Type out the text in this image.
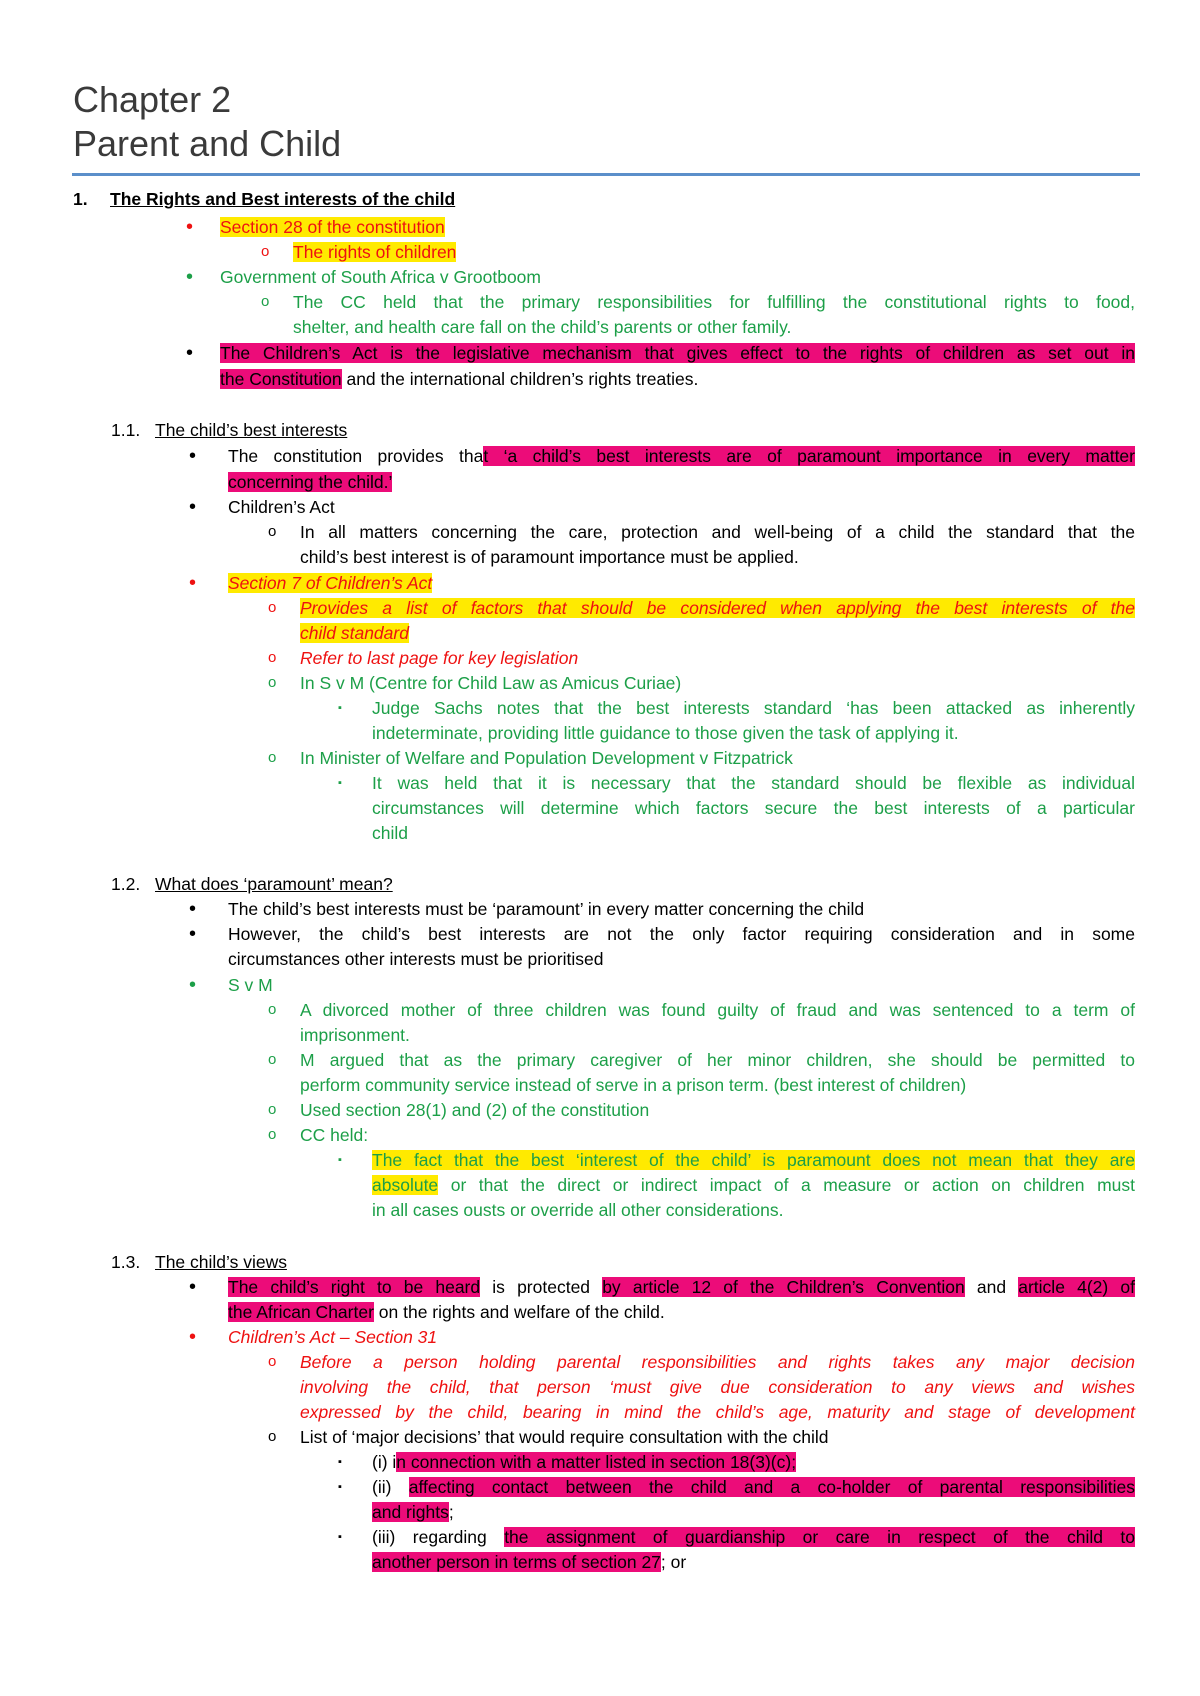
Chapter 2
Parent and Child
1. The Rights and Best interests of the child
• Section 28 of the constitution
o The rights of children
• Government of South Africa v Grootboom
o The CC held that the primary responsibilities for fulfilling the constitutional rights to food,
shelter, and health care fall on the child’s parents or other family.
• The Children’s Act is the legislative mechanism that gives effect to the rights of children as set out in
the Constitution and the international children’s rights treaties.
1.1. The child’s best interests
• The constitution provides that ‘a child’s best interests are of paramount importance in every matter
concerning the child.’
• Children’s Act
o In all matters concerning the care, protection and well-being of a child the standard that the
child’s best interest is of paramount importance must be applied.
• Section 7 of Children’s Act
o Provides a list of factors that should be considered when applying the best interests of the
child standard
o Refer to last page for key legislation
o In S v M (Centre for Child Law as Amicus Curiae)
▪ Judge Sachs notes that the best interests standard ‘has been attacked as inherently
indeterminate, providing little guidance to those given the task of applying it.
o In Minister of Welfare and Population Development v Fitzpatrick
▪ It was held that it is necessary that the standard should be flexible as individual
circumstances will determine which factors secure the best interests of a particular
child
1.2. What does ‘paramount’ mean?
• The child’s best interests must be ‘paramount’ in every matter concerning the child
• However, the child’s best interests are not the only factor requiring consideration and in some
circumstances other interests must be prioritised
• S v M
o A divorced mother of three children was found guilty of fraud and was sentenced to a term of
imprisonment.
o M argued that as the primary caregiver of her minor children, she should be permitted to
perform community service instead of serve in a prison term. (best interest of children)
o Used section 28(1) and (2) of the constitution
o CC held:
▪ The fact that the best ‘interest of the child’ is paramount does not mean that they are
absolute or that the direct or indirect impact of a measure or action on children must
in all cases ousts or override all other considerations.
1.3. The child’s views
• The child’s right to be heard is protected by article 12 of the Children’s Convention and article 4(2) of
the African Charter on the rights and welfare of the child.
• Children’s Act – Section 31
o Before a person holding parental responsibilities and rights takes any major decision
involving the child, that person ‘must give due consideration to any views and wishes
expressed by the child, bearing in mind the child’s age, maturity and stage of development
o List of ‘major decisions’ that would require consultation with the child
▪ (i) in connection with a matter listed in section 18(3)(c);
▪ (ii) affecting contact between the child and a co-holder of parental responsibilities
and rights;
▪ (iii) regarding the assignment of guardianship or care in respect of the child to
another person in terms of section 27; or
